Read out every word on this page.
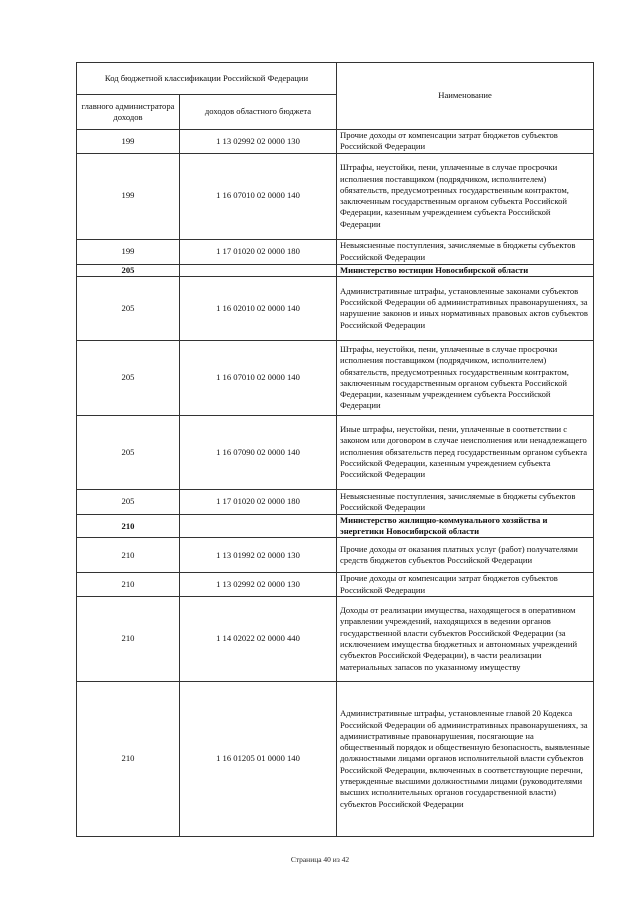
Код бюджетной классификации Российской Федерации		Наименование
главного администратора доходов	доходов областного бюджета	
199	1 13 02992 02 0000 130	Прочие доходы от компенсации затрат бюджетов субъектов Российской Федерации
199	1 16 07010 02 0000 140	Штрафы, неустойки, пени, уплаченные в случае просрочки исполнения поставщиком (подрядчиком, исполнителем) обязательств, предусмотренных государственным контрактом, заключенным государственным органом субъекта Российской Федерации, казенным учреждением субъекта Российской Федерации
199	1 17 01020 02 0000 180	Невыясненные поступления, зачисляемые в бюджеты субъектов Российской Федерации
205		Министерство юстиции Новосибирской области
205	1 16 02010 02 0000 140	Административные штрафы, установленные законами субъектов Российской Федерации об административных правонарушениях, за нарушение законов и иных нормативных правовых актов субъектов Российской Федерации
205	1 16 07010 02 0000 140	Штрафы, неустойки, пени, уплаченные в случае просрочки исполнения поставщиком (подрядчиком, исполнителем) обязательств, предусмотренных государственным контрактом, заключенным государственным органом субъекта Российской Федерации, казенным учреждением субъекта Российской Федерации
205	1 16 07090 02 0000 140	Иные штрафы, неустойки, пени, уплаченные в соответствии с законом или договором в случае неисполнения или ненадлежащего исполнения обязательств перед государственным органом субъекта Российской Федерации, казенным учреждением субъекта Российской Федерации
205	1 17 01020 02 0000 180	Невыясненные поступления, зачисляемые в бюджеты субъектов Российской Федерации
210		Министерство жилищно-коммунального хозяйства и энергетики Новосибирской области
210	1 13 01992 02 0000 130	Прочие доходы от оказания платных услуг (работ) получателями средств бюджетов субъектов Российской Федерации
210	1 13 02992 02 0000 130	Прочие доходы от компенсации затрат бюджетов субъектов Российской Федерации
210	1 14 02022 02 0000 440	Доходы от реализации имущества, находящегося в оперативном управлении учреждений, находящихся в ведении органов государственной власти субъектов Российской Федерации (за исключением имущества бюджетных и автономных учреждений субъектов Российской Федерации), в части реализации материальных запасов по указанному имуществу
210	1 16 01205 01 0000 140	Административные штрафы, установленные главой 20 Кодекса Российской Федерации об административных правонарушениях, за административные правонарушения, посягающие на общественный порядок и общественную безопасность, выявленные должностными лицами органов исполнительной власти субъектов Российской Федерации, включенных в соответствующие перечни, утвержденные высшими должностными лицами (руководителями высших исполнительных органов государственной власти) субъектов Российской Федерации
Страница 40 из 42
